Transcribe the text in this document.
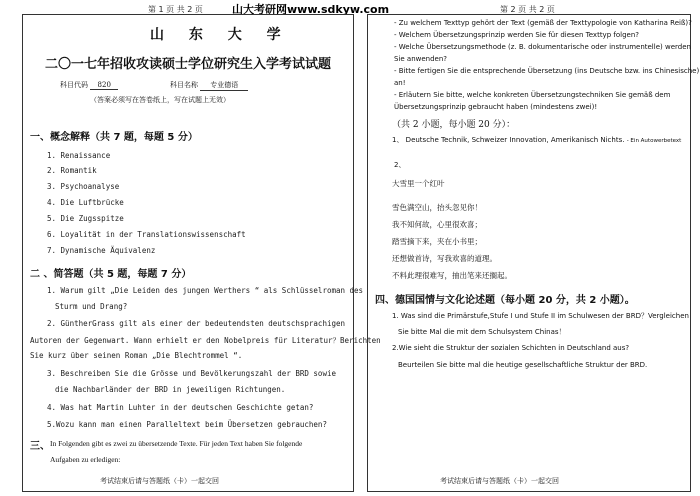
第 1 页 共 2 页	山大考研网www.sdkyw.com	第 2 页 共 2 页
山 东 大 学
二〇一七年招收攻读硕士学位研究生入学考试试题
科目代码 820	科目名称 专业德语
（答案必须写在答卷纸上，写在试题上无效）
一、概念解释（共 7 题，每题 5 分）
1. Renaissance
2. Romantik
3. Psychoanalyse
4. Die Luftbrücke
5. Die Zugsspitze
6. Loyalität in der Translationswissenschaft
7. Dynamische Äquivalenz
二 、简答题（共 5 题，每题 7 分）
1. Warum gilt „Die Leiden des jungen Werthers “ als Schlüsselroman des
Sturm und Drang?
2. GüntherGrass gilt als einer der bedeutendsten deutschsprachigen
Autoren der Gegenwart. Wann erhielt er den Nobelpreis für Literatur？Berichten
Sie kurz über seinen Roman „Die Blechtrommel “.
3. Beschreiben Sie die Grösse und Bevölkerungszahl der BRD sowie
die Nachbarländer der BRD in jeweiligen Richtungen.
4. Was hat Martin Luhter in der deutschen Geschichte getan?
5.Wozu kann man einen Paralleltext beim Übersetzen gebrauchen?
三、 In Folgenden gibt es zwei zu übersetzende Texte. Für jeden Text haben Sie folgende
Aufgaben zu erledigen:
考试结束后请与答题纸（卡）一起交回
- Zu welchem Texttyp gehört der Text (gemäß der Texttypologie von Katharina Reiß)?
- Welchem Übersetzungsprinzip werden Sie für diesen Texttyp folgen?
- Welche Übersetzungsmethode (z. B. dokumentarische oder instrumentelle) werden
Sie anwenden?
- Bitte fertigen Sie die entsprechende Übersetzung (ins Deutsche bzw. ins Chinesische)
an!
- Erläutern Sie bitte, welche konkreten Übersetzungstechniken Sie gemäß dem
Übersetzungsprinzip gebraucht haben (mindestens zwei)!
（共 2 小题，每小题 20 分）：
1、 Deutsche Technik, Schweizer Innovation, Amerikanisch Nichts. - Ein Autowerbetext
2、
大雪里一个红叶
雪色满空山，抬头忽见你！
我不知何故，心里很欢喜；
踏雪摘下来，夹在小书里；
还想做首诗，写我欢喜的道理。
不料此理很难写，抽出笔来还搁起。
四、德国国情与文化论述题（每小题 20 分，共 2 小题）。
1. Was sind die Primärstufe,Stufe I und Stufe II im Schulwesen der BRD？Vergleichen
Sie bitte Mal die mit dem Schulsystem Chinas！
2.Wie sieht die Struktur der sozialen Schichten in Deutschland aus?
Beurteilen Sie bitte mal die heutige gesellschaftliche Struktur der BRD.
考试结束后请与答题纸（卡）一起交回
